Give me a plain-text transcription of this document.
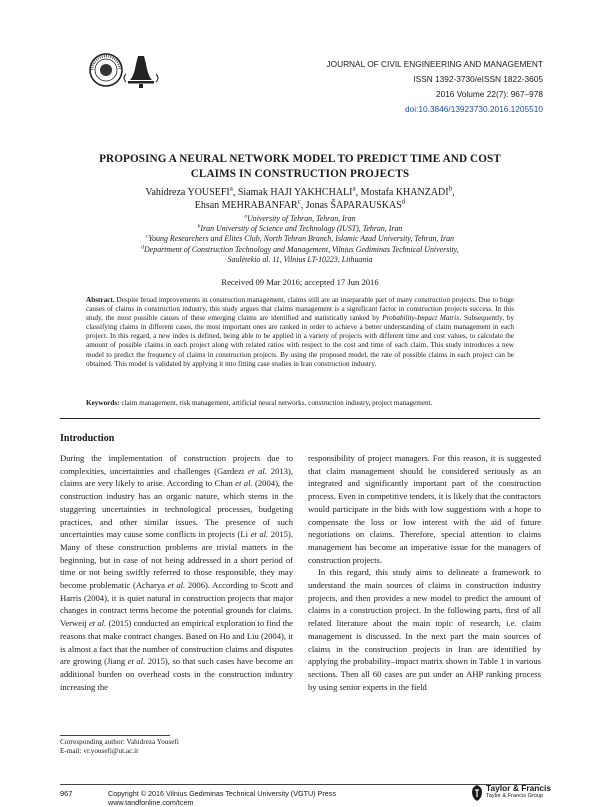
JOURNAL OF CIVIL ENGINEERING AND MANAGEMENT
ISSN 1392-3730/eISSN 1822-3605
2016 Volume 22(7): 967–978
doi:10.3846/13923730.2016.1205510
PROPOSING A NEURAL NETWORK MODEL TO PREDICT TIME AND COST
CLAIMS IN CONSTRUCTION PROJECTS
Vahidreza YOUSEFI$^a$, Siamak HAJI YAKHCHALI$^a$, Mostafa KHANZADI$^b$,
Ehsan MEHRABANFAR$^c$, Jonas ŠAPARAUSKAS$^d$
$^a$University of Tehran, Tehran, Iran
$^b$Iran University of Science and Technology (IUST), Tehran, Iran
$^c$Young Researchers and Elites Club, North Tehran Branch, Islamic Azad University, Tehran, Iran
$^d$Department of Construction Technology and Management, Vilnius Gediminas Technical University,
Saulėtekio al. 11, Vilnius LT-10223, Lithuania
Received 09 Mar 2016; accepted 17 Jun 2016
Abstract. Despite broad improvements in construction management, claims still are an inseparable part of many construction projects. Due to huge causes of claims in construction industry, this study argues that claims management is a significant factor in construction projects success. In this study, the most possible causes of these emerging claims are identified and statistically ranked by Probability-Impact Matrix. Subsequently, by classifying claims in different cases, the most important ones are ranked in order to achieve a better understanding of claim management in each project. In this regard, a new index is defined, being able to be applied in a variety of projects with different time and cost values, to calculate the amount of possible claims in each project along with related ratios with respect to the cost and time of each claim. This study introduces a new model to predict the frequency of claims in construction projects. By using the proposed model, the rate of possible claims in each project can be obtained. This model is validated by applying it into fitting case studies in Iran construction industry.
Keywords: claim management, risk management, artificial neural networks, construction industry, project management.
Introduction

During the implementation of construction projects due to complexities, uncertainties and challenges (Gardezi et al. 2013), claims are very likely to arise. According to Chan et al. (2004), the construction industry has an organic nature, which stems in the staggering uncertainties in technological processes, budgeting practices, and other similar issues. The presence of such uncertainties may cause some conflicts in projects (Li et al. 2015). Many of these construction problems are trivial matters in the beginning, but in case of not being addressed in a short period of time or not being swiftly referred to those responsible, they may become problematic (Acharya et al. 2006). According to Scott and Harris (2004), it is quiet natural in construction projects that major changes in contract terms become the potential grounds for claims. Verweij et al. (2015) conducted an empirical exploration to find the reasons that make contract changes. Based on Ho and Liu (2004), it is almost a fact that the number of construction claims and disputes are growing (Jiang et al. 2015), so that such cases have become an additional burden on overhead costs in the construction industry increasing the

responsibility of project managers. For this reason, it is suggested that claim management should be considered seriously as an integrated and significantly important part of the construction process. Even in competitive tenders, it is likely that the contractors would participate in the bids with low suggestions with a hope to compensate the loss or low interest with the aid of future negotiations on claims. Therefore, special attention to claims management has become an imperative issue for the managers of construction projects.

In this regard, this study aims to delineate a framework to understand the main sources of claims in construction industry projects, and then provides a new model to predict the amount of claims in a construction project. In the following parts, first of all related literature about the main topic of research, i.e. claim management is discussed. In the next part the main sources of claims in the construction projects in Iran are identified by applying the probability–impact matrix shown in Table 1 in various sections. Then all 60 cases are put under an AHP ranking process by using senior experts in the field

Corresponding author: Vahidreza Yousefi
E-mail: vr.yousefi@ut.ac.ir
967	Copyright © 2016 Vilnius Gediminas Technical University (VGTU) Press
www.tandfonline.com/tcem
Taylor & Francis
Taylor & Francis Group
